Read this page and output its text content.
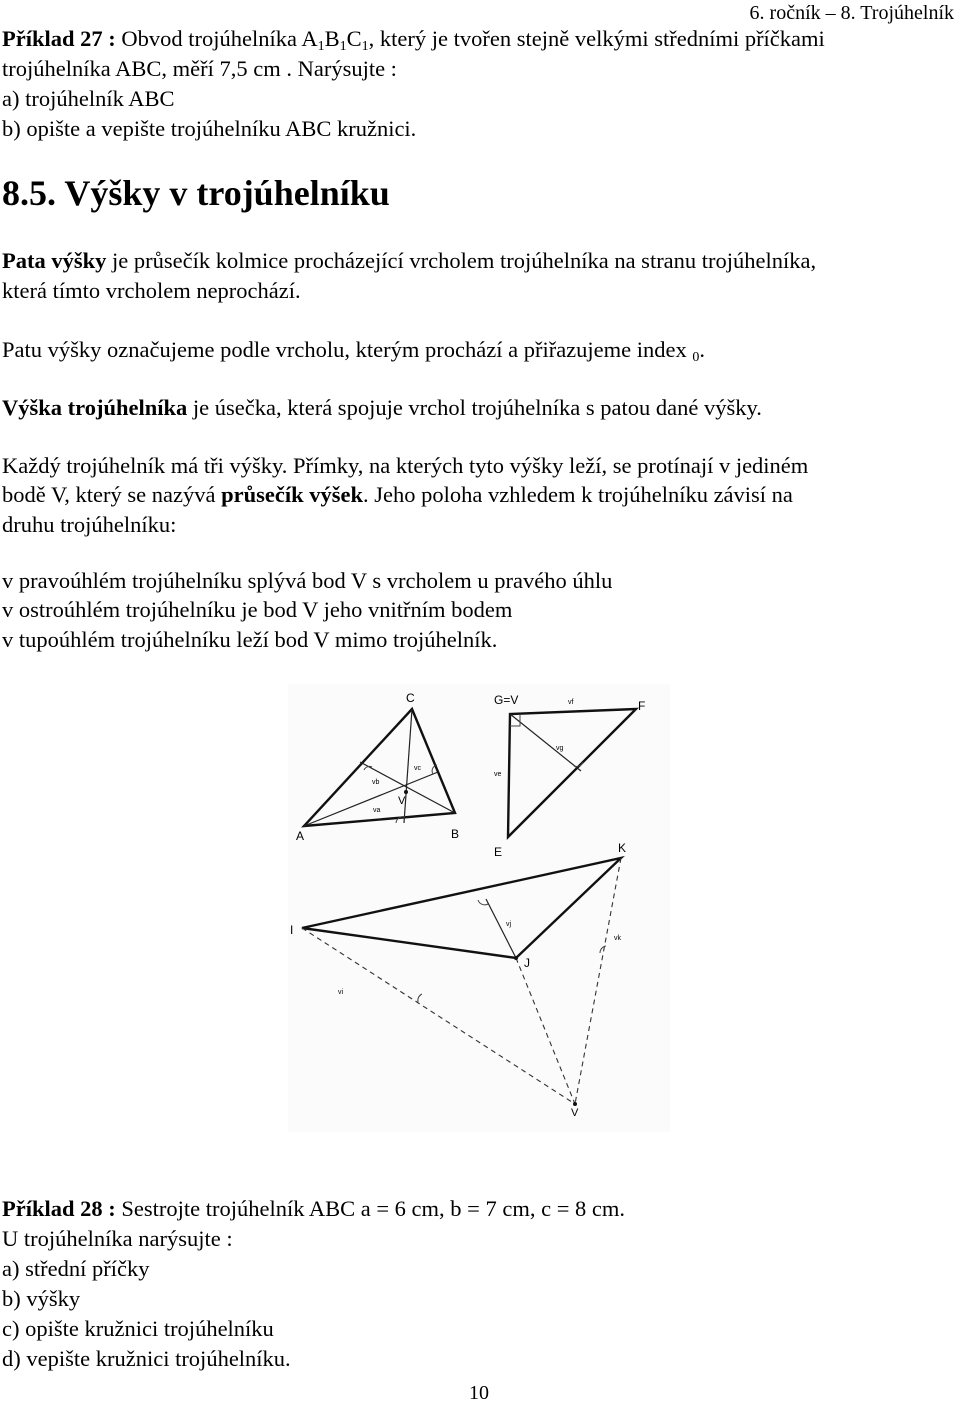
6. ročník – 8. Trojúhelník
Příklad 27 : Obvod trojúhelníka $A_1B_1C_1$, který je tvořen stejně velkými středními příčkami
trojúhelníka ABC, měří 7,5 cm . Narýsujte :
a) trojúhelník ABC
b) opište a vepište trojúhelníku ABC kružnici.
8.5. Výšky v trojúhelníku
Pata výšky je průsečík kolmice procházející vrcholem trojúhelníka na stranu trojúhelníka,
která tímto vrcholem neprochází.
Patu výšky označujeme podle vrcholu, kterým prochází a přiřazujeme index $_0$.
Výška trojúhelníka je úsečka, která spojuje vrchol trojúhelníka s patou dané výšky.
Každý trojúhelník má tři výšky. Přímky, na kterých tyto výšky leží, se protínají v jediném
bodě V, který se nazývá průsečík výšek. Jeho poloha vzhledem k trojúhelníku závisí na
druhu trojúhelníku:
v pravoúhlém trojúhelníku splývá bod V s vrcholem u pravého úhlu
v ostroúhlém trojúhelníku je bod V jeho vnitřním bodem
v tupoúhlém trojúhelníku leží bod V mimo trojúhelník.
C
A	B
V
vc
vb
va
G=V	F
E
ve
vf
vg
I
J
K
V
vi
vj
vk
Příklad 28 : Sestrojte trojúhelník ABC a = 6 cm, b = 7 cm, c = 8 cm.
U trojúhelníka narýsujte :
a) střední příčky
b) výšky
c) opište kružnici trojúhelníku
d) vepište kružnici trojúhelníku.
10
